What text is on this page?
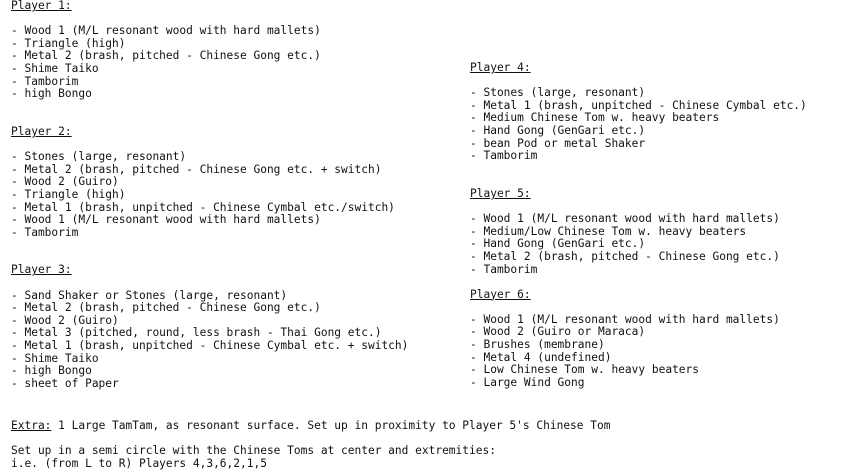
Player 1:
- Wood 1 (M/L resonant wood with hard mallets)
- Triangle (high)
- Metal 2 (brash, pitched - Chinese Gong etc.)
- Shime Taiko
- Tamborim
- high Bongo
Player 2:
- Stones (large, resonant)
- Metal 2 (brash, pitched - Chinese Gong etc. + switch)
- Wood 2 (Guiro)
- Triangle (high)
- Metal 1 (brash, unpitched - Chinese Cymbal etc./switch)
- Wood 1 (M/L resonant wood with hard mallets)
- Tamborim
Player 3:
- Sand Shaker or Stones (large, resonant)
- Metal 2 (brash, pitched - Chinese Gong etc.)
- Wood 2 (Guiro)
- Metal 3 (pitched, round, less brash - Thai Gong etc.)
- Metal 1 (brash, unpitched - Chinese Cymbal etc. + switch)
- Shime Taiko
- high Bongo
- sheet of Paper
Player 4:
- Stones (large, resonant)
- Metal 1 (brash, unpitched - Chinese Cymbal etc.)
- Medium Chinese Tom w. heavy beaters
- Hand Gong (GenGari etc.)
- bean Pod or metal Shaker
- Tamborim
Player 5:
- Wood 1 (M/L resonant wood with hard mallets)
- Medium/Low Chinese Tom w. heavy beaters
- Hand Gong (GenGari etc.)
- Metal 2 (brash, pitched - Chinese Gong etc.)
- Tamborim
Player 6:
- Wood 1 (M/L resonant wood with hard mallets)
- Wood 2 (Guiro or Maraca)
- Brushes (membrane)
- Metal 4 (undefined)
- Low Chinese Tom w. heavy beaters
- Large Wind Gong
Extra: 1 Large TamTam, as resonant surface. Set up in proximity to Player 5's Chinese Tom
Set up in a semi circle with the Chinese Toms at center and extremities:
i.e. (from L to R) Players 4,3,6,2,1,5
